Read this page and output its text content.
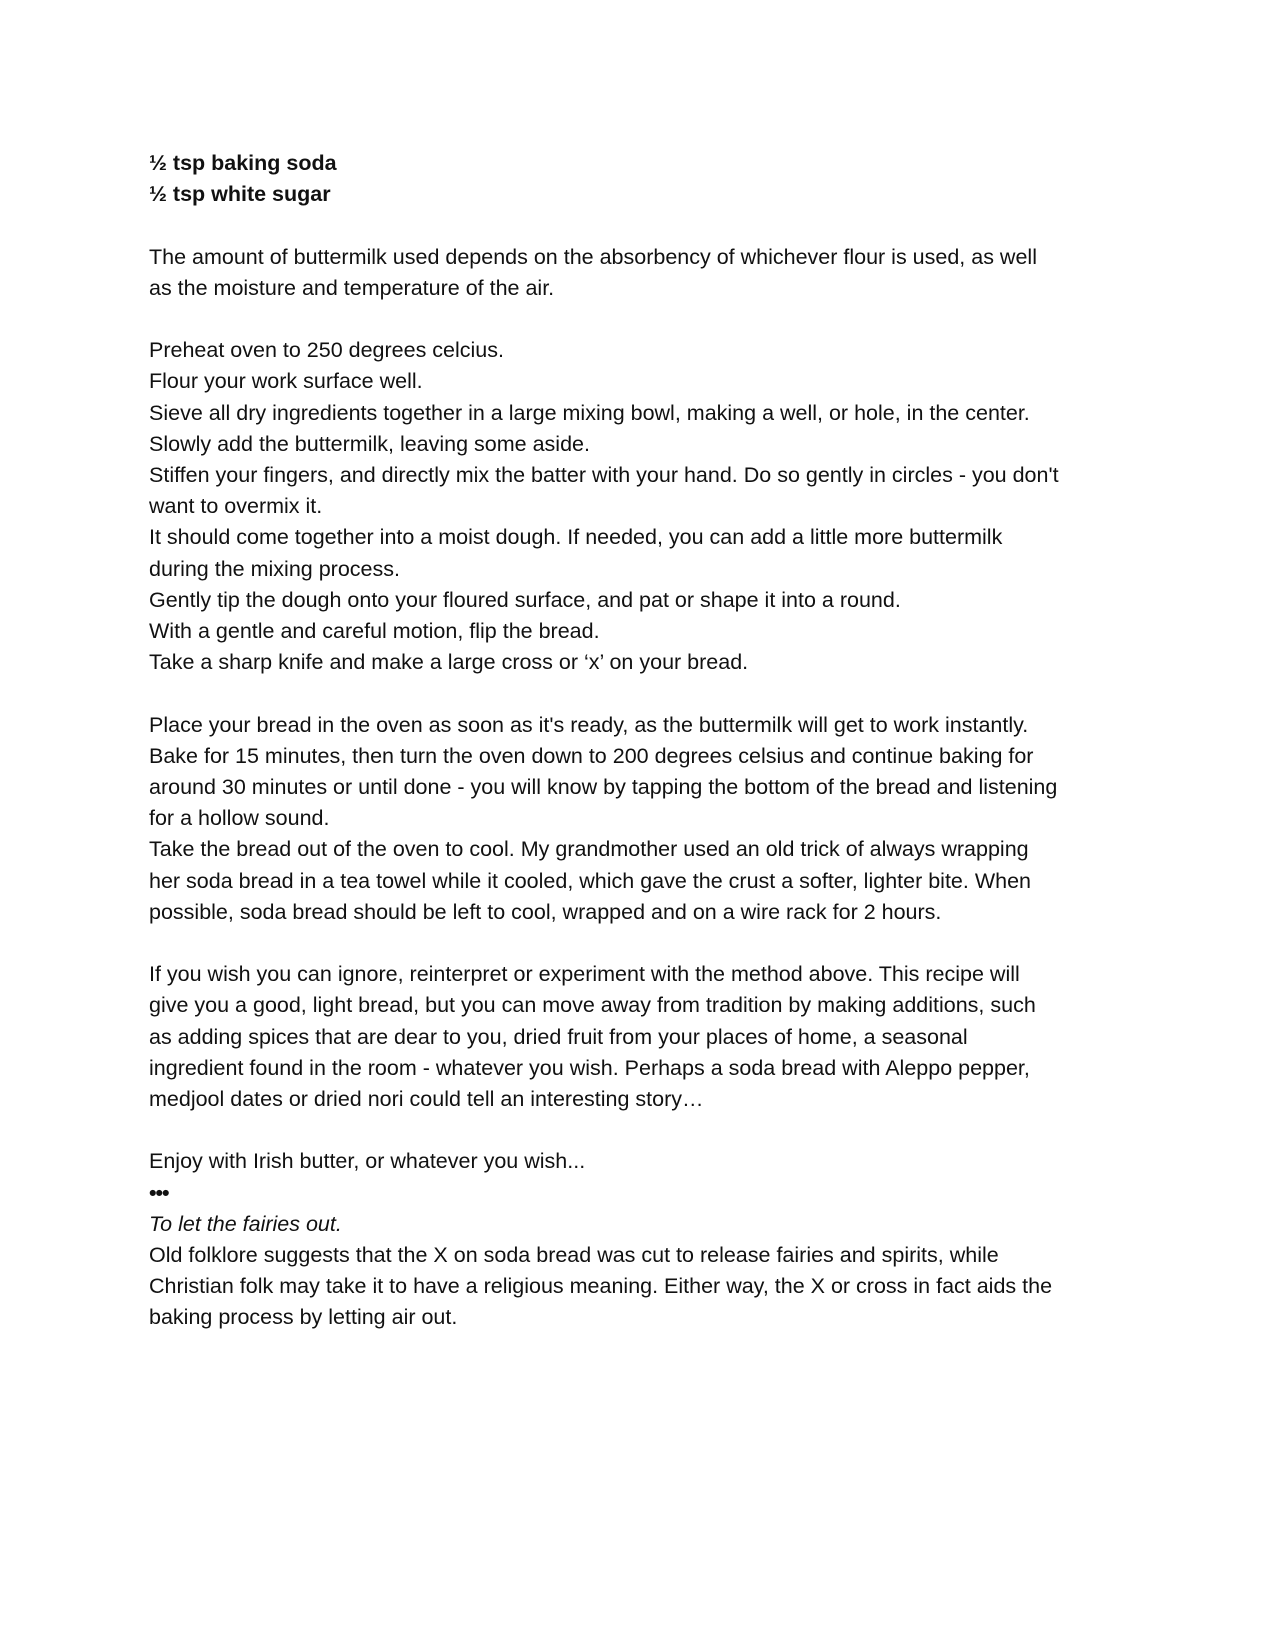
½ tsp baking soda
½ tsp white sugar
The amount of buttermilk used depends on the absorbency of whichever flour is used, as well
as the moisture and temperature of the air.
Preheat oven to 250 degrees celcius.
Flour your work surface well.
Sieve all dry ingredients together in a large mixing bowl, making a well, or hole, in the center.
Slowly add the buttermilk, leaving some aside.
Stiffen your fingers, and directly mix the batter with your hand. Do so gently in circles - you don't
want to overmix it.
It should come together into a moist dough. If needed, you can add a little more buttermilk
during the mixing process.
Gently tip the dough onto your floured surface, and pat or shape it into a round.
With a gentle and careful motion, flip the bread.
Take a sharp knife and make a large cross or ‘x’ on your bread.
Place your bread in the oven as soon as it's ready, as the buttermilk will get to work instantly.
Bake for 15 minutes, then turn the oven down to 200 degrees celsius and continue baking for
around 30 minutes or until done - you will know by tapping the bottom of the bread and listening
for a hollow sound.
Take the bread out of the oven to cool. My grandmother used an old trick of always wrapping
her soda bread in a tea towel while it cooled, which gave the crust a softer, lighter bite. When
possible, soda bread should be left to cool, wrapped and on a wire rack for 2 hours.
If you wish you can ignore, reinterpret or experiment with the method above. This recipe will
give you a good, light bread, but you can move away from tradition by making additions, such
as adding spices that are dear to you, dried fruit from your places of home, a seasonal
ingredient found in the room - whatever you wish. Perhaps a soda bread with Aleppo pepper,
medjool dates or dried nori could tell an interesting story…
Enjoy with Irish butter, or whatever you wish...
•••
To let the fairies out.
Old folklore suggests that the X on soda bread was cut to release fairies and spirits, while
Christian folk may take it to have a religious meaning. Either way, the X or cross in fact aids the
baking process by letting air out.
